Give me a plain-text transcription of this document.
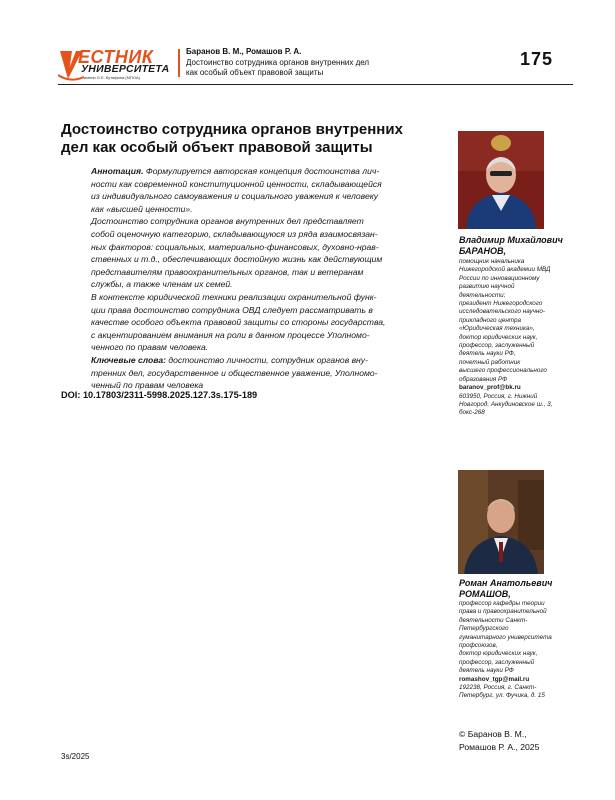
ЕСТНИК
УНИВЕРСИТЕТА
имени О.Е. Кутафина (МГЮА)
Баранов В. М., Ромашов Р. А.
Достоинство сотрудника органов внутренних дел
как особый объект правовой защиты
175
Достоинство сотрудника органов внутренних
дел как особый объект правовой защиты

Аннотация. Формулируется авторская концепция достоинства лич-
ности как современной конституционной ценности, складывающейся
из индивидуального самоуважения и социального уважения к человеку
как «высшей ценности».

Достоинство сотрудника органов внутренних дел представляет
собой оценочную категорию, складывающуюся из ряда взаимосвязан-
ных факторов: социальных, материально-финансовых, духовно-нрав-
ственных и т.д., обеспечивающих достойную жизнь как действующим
представителям правоохранительных органов, так и ветеранам
службы, а также членам их семей.

В контексте юридической техники реализации охранительной функ-
ции права достоинство сотрудника ОВД следует рассматривать в
качестве особого объекта правовой защиты со стороны государства,
с акцентированием внимания на роли в данном процессе Уполномо-
ченного по правам человека.

Ключевые слова: достоинство личности, сотрудник органов вну-
тренних дел, государственное и общественное уважение, Уполномо-
ченный по правам человека

DOI: 10.17803/2311-5998.2025.127.3s.175-189
Владимир Михайлович
БАРАНОВ,

помощник начальника
Нижегородской академии МВД
России по инновационному
развитию научной
деятельности;
президент Нижегородского
исследовательского научно-
прикладного центра
«Юридическая техника»,
доктор юридических наук,
профессор, заслуженный
деятель науки РФ,
почетный работник
высшего профессионального
образования РФ
baranov_prof@bk.ru
603950, Россия, г. Нижний
Новгород, Анкудиновское ш., 3,
бокс-268

Роман Анатольевич
РОМАШОВ,

профессор кафедры теории
права и правоохранительной
деятельности Санкт-
Петербургского
гуманитарного университета
профсоюзов,
доктор юридических наук,
профессор, заслуженный
деятель науки РФ
romashov_tgp@mail.ru
192238, Россия, г. Санкт-
Петербург, ул. Фучика, д. 15

© Баранов В. М.,
Ромашов Р. А., 2025
3s/2025
